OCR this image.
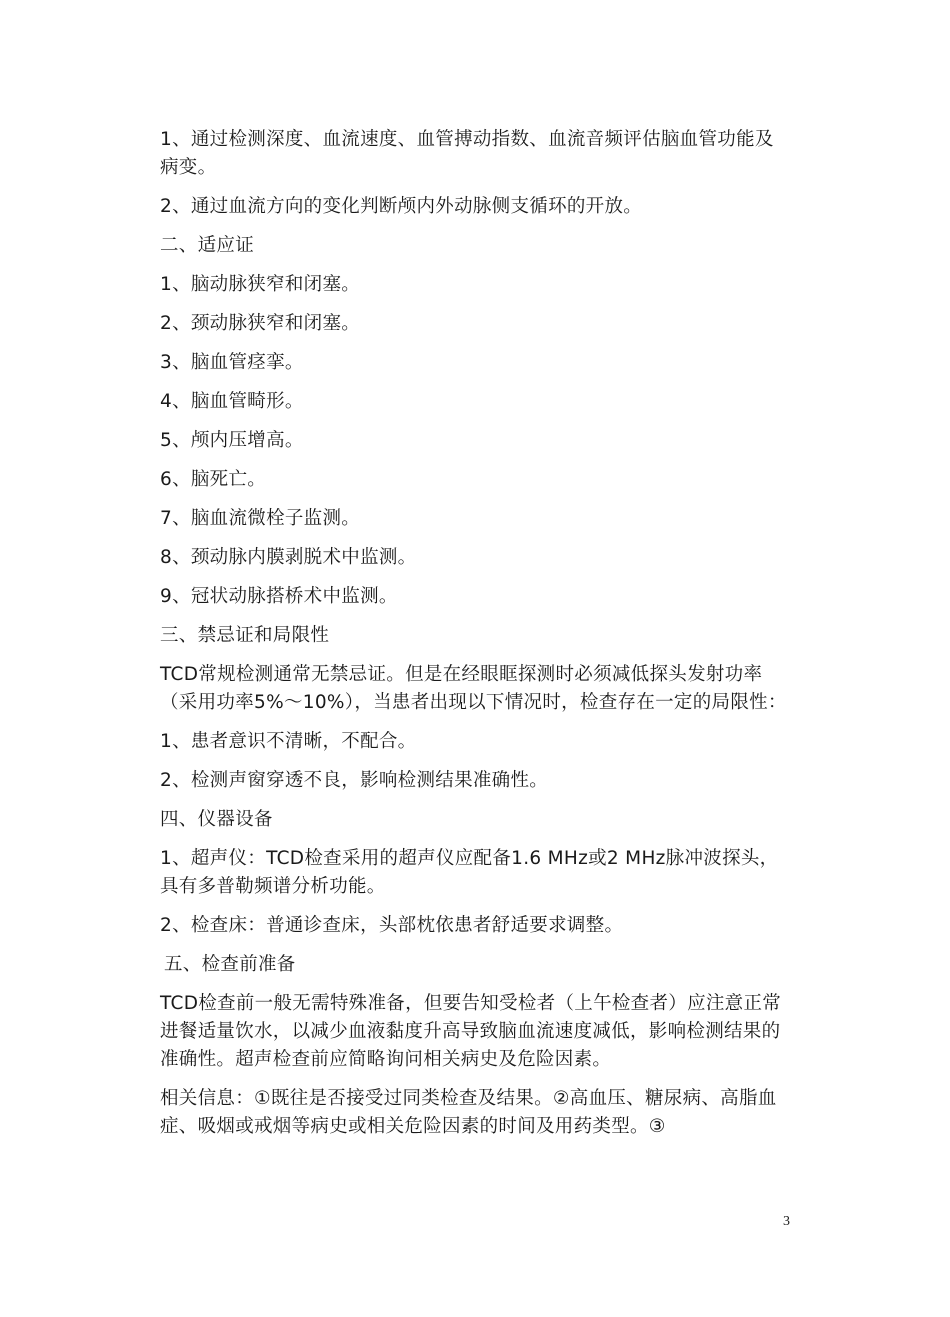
1、通过检测深度、血流速度、血管搏动指数、血流音频评估脑血管功能及病变。

2、通过血流方向的变化判断颅内外动脉侧支循环的开放。

二、适应证

1、脑动脉狭窄和闭塞。

2、颈动脉狭窄和闭塞。

3、脑血管痉挛。

4、脑血管畸形。

5、颅内压增高。

6、脑死亡。

7、脑血流微栓子监测。

8、颈动脉内膜剥脱术中监测。

9、冠状动脉搭桥术中监测。

三、禁忌证和局限性

TCD常规检测通常无禁忌证。但是在经眼眶探测时必须减低探头发射功率（采用功率5%～10%），当患者出现以下情况时，检查存在一定的局限性：

1、患者意识不清晰，不配合。

2、检测声窗穿透不良，影响检测结果准确性。

四、仪器设备

1、超声仪：TCD检查采用的超声仪应配备1.6 MHz或2 MHz脉冲波探头，具有多普勒频谱分析功能。

2、检查床：普通诊查床，头部枕依患者舒适要求调整。

五、检查前准备

TCD检查前一般无需特殊准备，但要告知受检者（上午检查者）应注意正常进餐适量饮水，以减少血液黏度升高导致脑血流速度减低，影响检测结果的准确性。超声检查前应简略询问相关病史及危险因素。

相关信息：①既往是否接受过同类检查及结果。②高血压、糖尿病、高脂血症、吸烟或戒烟等病史或相关危险因素的时间及用药类型。③

3
